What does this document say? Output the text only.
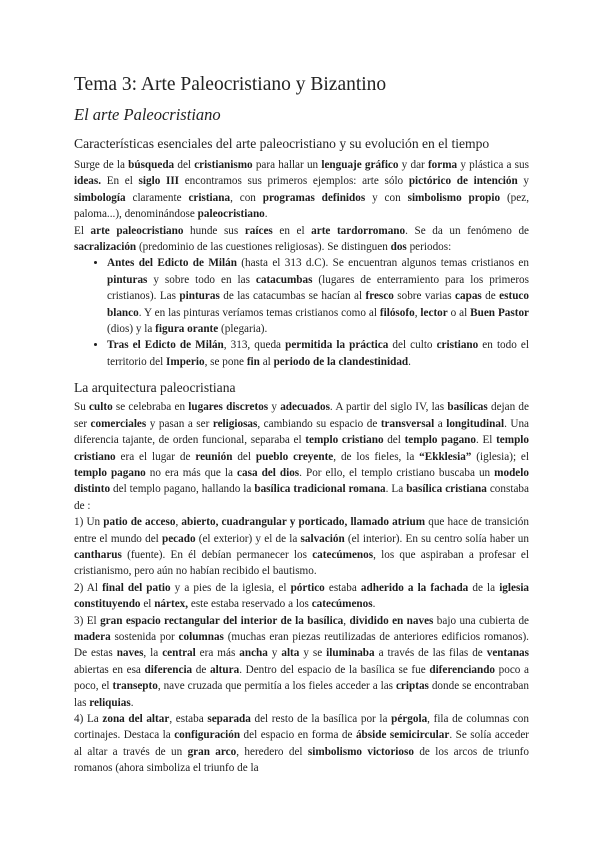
Tema 3: Arte Paleocristiano y Bizantino
El arte Paleocristiano
Características esenciales del arte paleocristiano y su evolución en el tiempo

Surge de la búsqueda del cristianismo para hallar un lenguaje gráfico y dar forma y plástica a sus ideas. En el siglo III encontramos sus primeros ejemplos: arte sólo pictórico de intención y simbología claramente cristiana, con programas definidos y con simbolismo propio (pez, paloma...), denominándose paleocristiano.

El arte paleocristiano hunde sus raíces en el arte tardorromano. Se da un fenómeno de sacralización (predominio de las cuestiones religiosas). Se distinguen dos periodos:

• Antes del Edicto de Milán (hasta el 313 d.C). Se encuentran algunos temas cristianos en pinturas y sobre todo en las catacumbas (lugares de enterramiento para los primeros cristianos). Las pinturas de las catacumbas se hacían al fresco sobre varias capas de estuco blanco. Y en las pinturas veríamos temas cristianos como al filósofo, lector o al Buen Pastor (dios) y la figura orante (plegaria).
• Tras el Edicto de Milán, 313, queda permitida la práctica del culto cristiano en todo el territorio del Imperio, se pone fin al periodo de la clandestinidad.
La arquitectura paleocristiana

Su culto se celebraba en lugares discretos y adecuados. A partir del siglo IV, las basílicas dejan de ser comerciales y pasan a ser religiosas, cambiando su espacio de transversal a longitudinal. Una diferencia tajante, de orden funcional, separaba el templo cristiano del templo pagano. El templo cristiano era el lugar de reunión del pueblo creyente, de los fieles, la “Ekklesia” (iglesia); el templo pagano no era más que la casa del dios. Por ello, el templo cristiano buscaba un modelo distinto del templo pagano, hallando la basílica tradicional romana. La basílica cristiana constaba de :

1) Un patio de acceso, abierto, cuadrangular y porticado, llamado atrium que hace de transición entre el mundo del pecado (el exterior) y el de la salvación (el interior). En su centro solía haber un cantharus (fuente). En él debían permanecer los catecúmenos, los que aspiraban a profesar el cristianismo, pero aún no habían recibido el bautismo.

2) Al final del patio y a pies de la iglesia, el pórtico estaba adherido a la fachada de la iglesia constituyendo el nártex, este estaba reservado a los catecúmenos.

3) El gran espacio rectangular del interior de la basílica, dividido en naves bajo una cubierta de madera sostenida por columnas (muchas eran piezas reutilizadas de anteriores edificios romanos). De estas naves, la central era más ancha y alta y se iluminaba a través de las filas de ventanas abiertas en esa diferencia de altura. Dentro del espacio de la basílica se fue diferenciando poco a poco, el transepto, nave cruzada que permitía a los fieles acceder a las criptas donde se encontraban las reliquias.

4) La zona del altar, estaba separada del resto de la basílica por la pérgola, fila de columnas con cortinajes. Destaca la configuración del espacio en forma de ábside semicircular. Se solía acceder al altar a través de un gran arco, heredero del simbolismo victorioso de los arcos de triunfo romanos (ahora simboliza el triunfo de la
